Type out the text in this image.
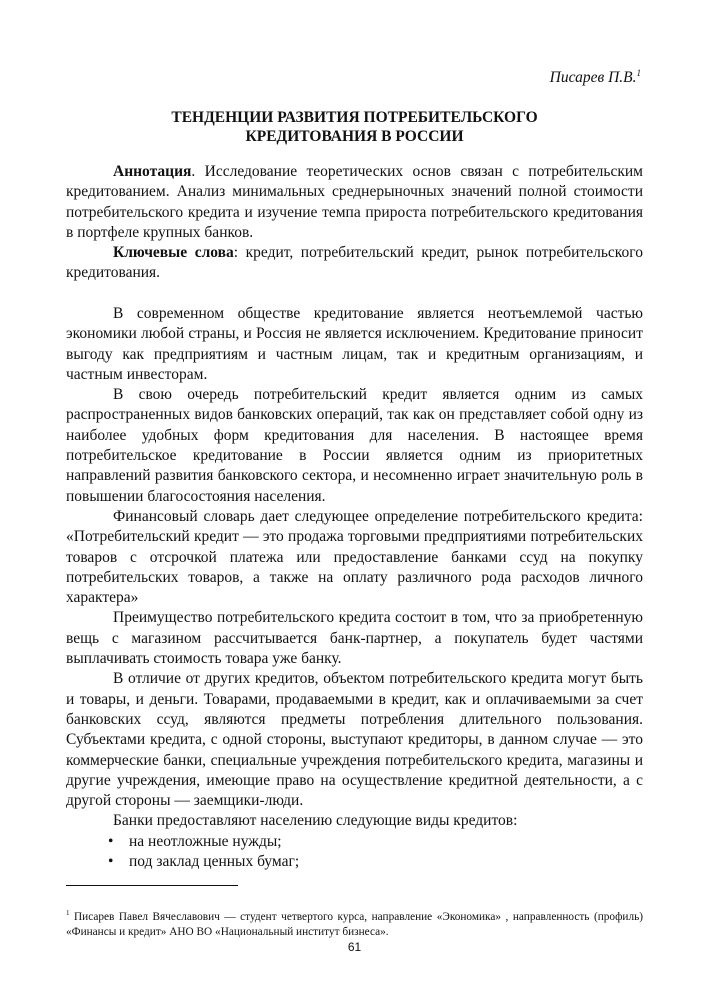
Писарев П.В.$^1$
ТЕНДЕНЦИИ РАЗВИТИЯ ПОТРЕБИТЕЛЬСКОГО
КРЕДИТОВАНИЯ В РОССИИ

Аннотация. Исследование теоретических основ связан с потребительским кредитованием. Анализ минимальных среднерыночных значений полной стоимости потребительского кредита и изучение темпа прироста потребительского кредитования в портфеле крупных банков.

Ключевые слова: кредит, потребительский кредит, рынок потребительского кредитования.

В современном обществе кредитование является неотъемлемой частью экономики любой страны, и Россия не является исключением. Кредитование приносит выгоду как предприятиям и частным лицам, так и кредитным организациям, и частным инвесторам.

В свою очередь потребительский кредит является одним из самых распространенных видов банковских операций, так как он представляет собой одну из наиболее удобных форм кредитования для населения. В настоящее время потребительское кредитование в России является одним из приоритетных направлений развития банковского сектора, и несомненно играет значительную роль в повышении благосостояния населения.

Финансовый словарь дает следующее определение потребительского кредита: «Потребительский кредит — это продажа торговыми предприятиями потребительских товаров с отсрочкой платежа или предоставление банками ссуд на покупку потребительских товаров, а также на оплату различного рода расходов личного характера»

Преимущество потребительского кредита состоит в том, что за приобретенную вещь с магазином рассчитывается банк-партнер, а покупатель будет частями выплачивать стоимость товара уже банку.

В отличие от других кредитов, объектом потребительского кредита могут быть и товары, и деньги. Товарами, продаваемыми в кредит, как и оплачиваемыми за счет банковских ссуд, являются предметы потребления длительного пользования. Субъектами кредита, с одной стороны, выступают кредиторы, в данном случае — это коммерческие банки, специальные учреждения потребительского кредита, магазины и другие учреждения, имеющие право на осуществление кредитной деятельности, а с другой стороны — заемщики-люди.

Банки предоставляют населению следующие виды кредитов:

• на неотложные нужды;
• под заклад ценных бумаг;
$^1$ Писарев Павел Вячеславович — студент четвертого курса, направление «Экономика» , направленность (профиль) «Финансы и кредит» АНО ВО «Национальный институт бизнеса».
61
